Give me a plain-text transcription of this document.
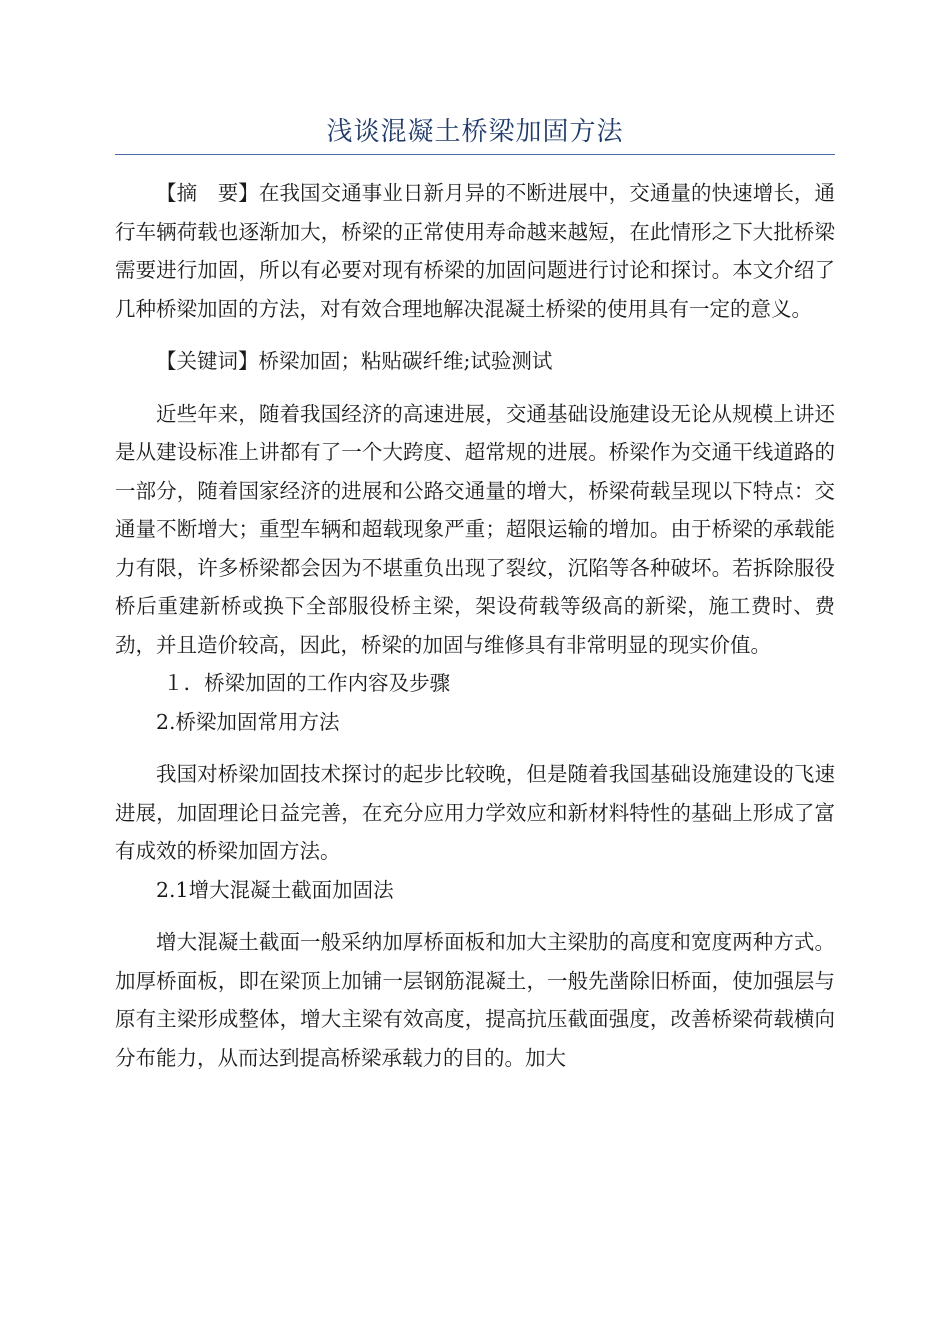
浅谈混凝土桥梁加固方法

【摘　要】在我国交通事业日新月异的不断进展中，交通量的快速增长，通行车辆荷载也逐渐加大，桥梁的正常使用寿命越来越短，在此情形之下大批桥梁需要进行加固，所以有必要对现有桥梁的加固问题进行讨论和探讨。本文介绍了几种桥梁加固的方法，对有效合理地解决混凝土桥梁的使用具有一定的意义。

【关键词】桥梁加固；粘贴碳纤维;试验测试

近些年来，随着我国经济的高速进展，交通基础设施建设无论从规模上讲还是从建设标准上讲都有了一个大跨度、超常规的进展。桥梁作为交通干线道路的一部分，随着国家经济的进展和公路交通量的增大，桥梁荷载呈现以下特点：交通量不断增大；重型车辆和超载现象严重；超限运输的增加。由于桥梁的承载能力有限，许多桥梁都会因为不堪重负出现了裂纹，沉陷等各种破坏。若拆除服役桥后重建新桥或换下全部服役桥主梁，架设荷载等级高的新梁，施工费时、费劲，并且造价较高，因此，桥梁的加固与维修具有非常明显的现实价值。

１．桥梁加固的工作内容及步骤

2.桥梁加固常用方法

我国对桥梁加固技术探讨的起步比较晚，但是随着我国基础设施建设的飞速进展，加固理论日益完善，在充分应用力学效应和新材料特性的基础上形成了富有成效的桥梁加固方法。

2.1增大混凝土截面加固法

增大混凝土截面一般采纳加厚桥面板和加大主梁肋的高度和宽度两种方式。加厚桥面板，即在梁顶上加铺一层钢筋混凝土，一般先凿除旧桥面，使加强层与原有主梁形成整体，增大主梁有效高度，提高抗压截面强度，改善桥梁荷载横向分布能力，从而达到提高桥梁承载力的目的。加大
